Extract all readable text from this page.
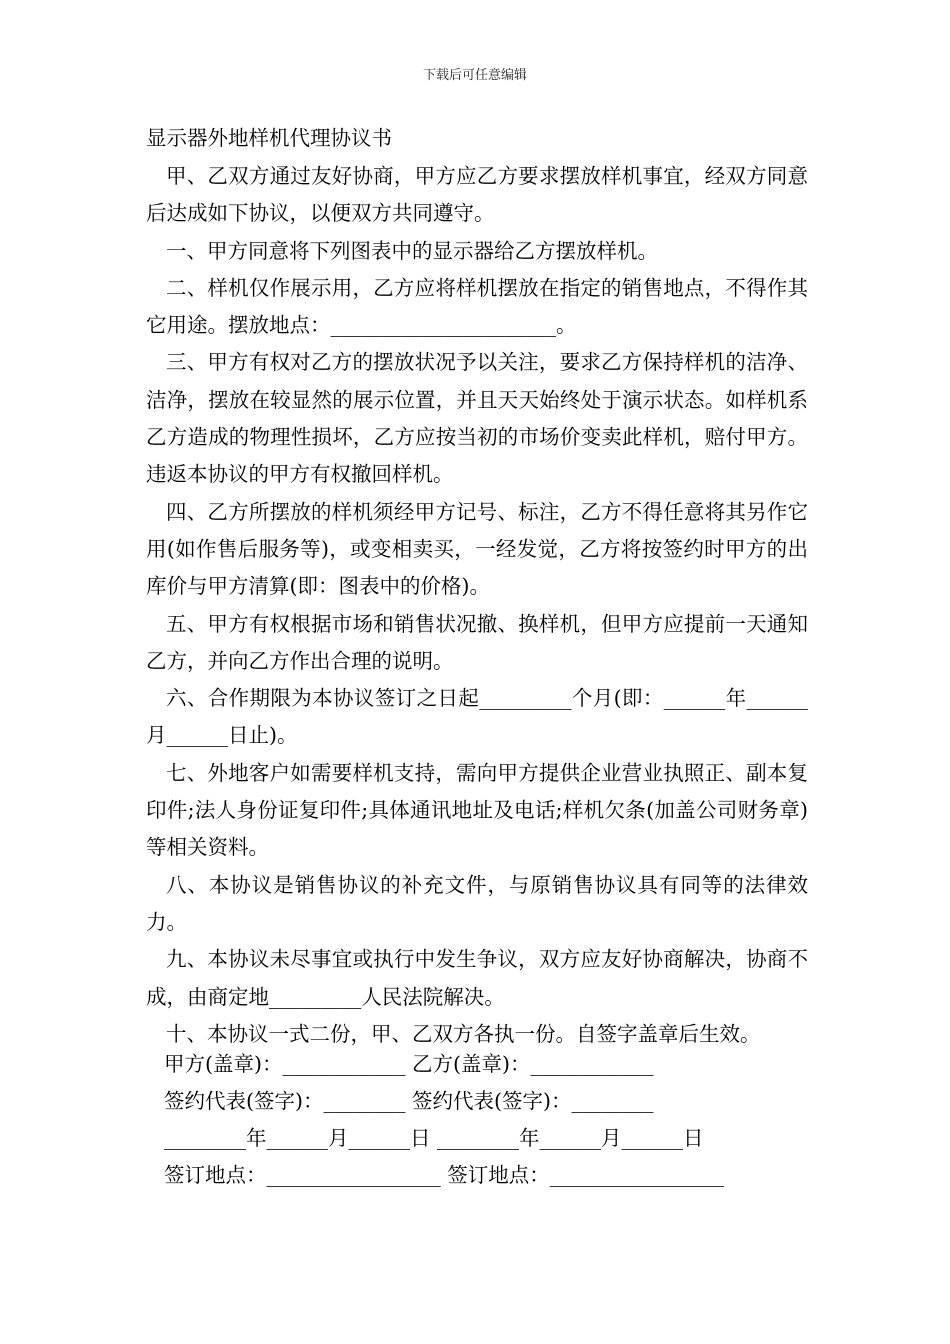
下载后可任意编辑
显示器外地样机代理协议书

甲、乙双方通过友好协商，甲方应乙方要求摆放样机事宜，经双方同意后达成如下协议，以便双方共同遵守。

一、甲方同意将下列图表中的显示器给乙方摆放样机。

二、样机仅作展示用，乙方应将样机摆放在指定的销售地点，不得作其它用途。摆放地点：______________________。

三、甲方有权对乙方的摆放状况予以关注，要求乙方保持样机的洁净、洁净，摆放在较显然的展示位置，并且天天始终处于演示状态。如样机系乙方造成的物理性损坏，乙方应按当初的市场价变卖此样机，赔付甲方。违返本协议的甲方有权撤回样机。

四、乙方所摆放的样机须经甲方记号、标注，乙方不得任意将其另作它用(如作售后服务等)，或变相卖买，一经发觉，乙方将按签约时甲方的出库价与甲方清算(即：图表中的价格)。

五、甲方有权根据市场和销售状况撤、换样机，但甲方应提前一天通知乙方，并向乙方作出合理的说明。

六、合作期限为本协议签订之日起_________个月(即：______年______月______日止)。

七、外地客户如需要样机支持，需向甲方提供企业营业执照正、副本复印件;法人身份证复印件;具体通讯地址及电话;样机欠条(加盖公司财务章)等相关资料。

八、本协议是销售协议的补充文件，与原销售协议具有同等的法律效力。

九、本协议未尽事宜或执行中发生争议，双方应友好协商解决，协商不成，由商定地_________人民法院解决。

十、本协议一式二份，甲、乙双方各执一份。自签字盖章后生效。

甲方(盖章)：____________ 乙方(盖章)：____________
签约代表(签字)：________ 签约代表(签字)：________
________年______月______日 ________年______月______日
签订地点：_________________ 签订地点：_________________
